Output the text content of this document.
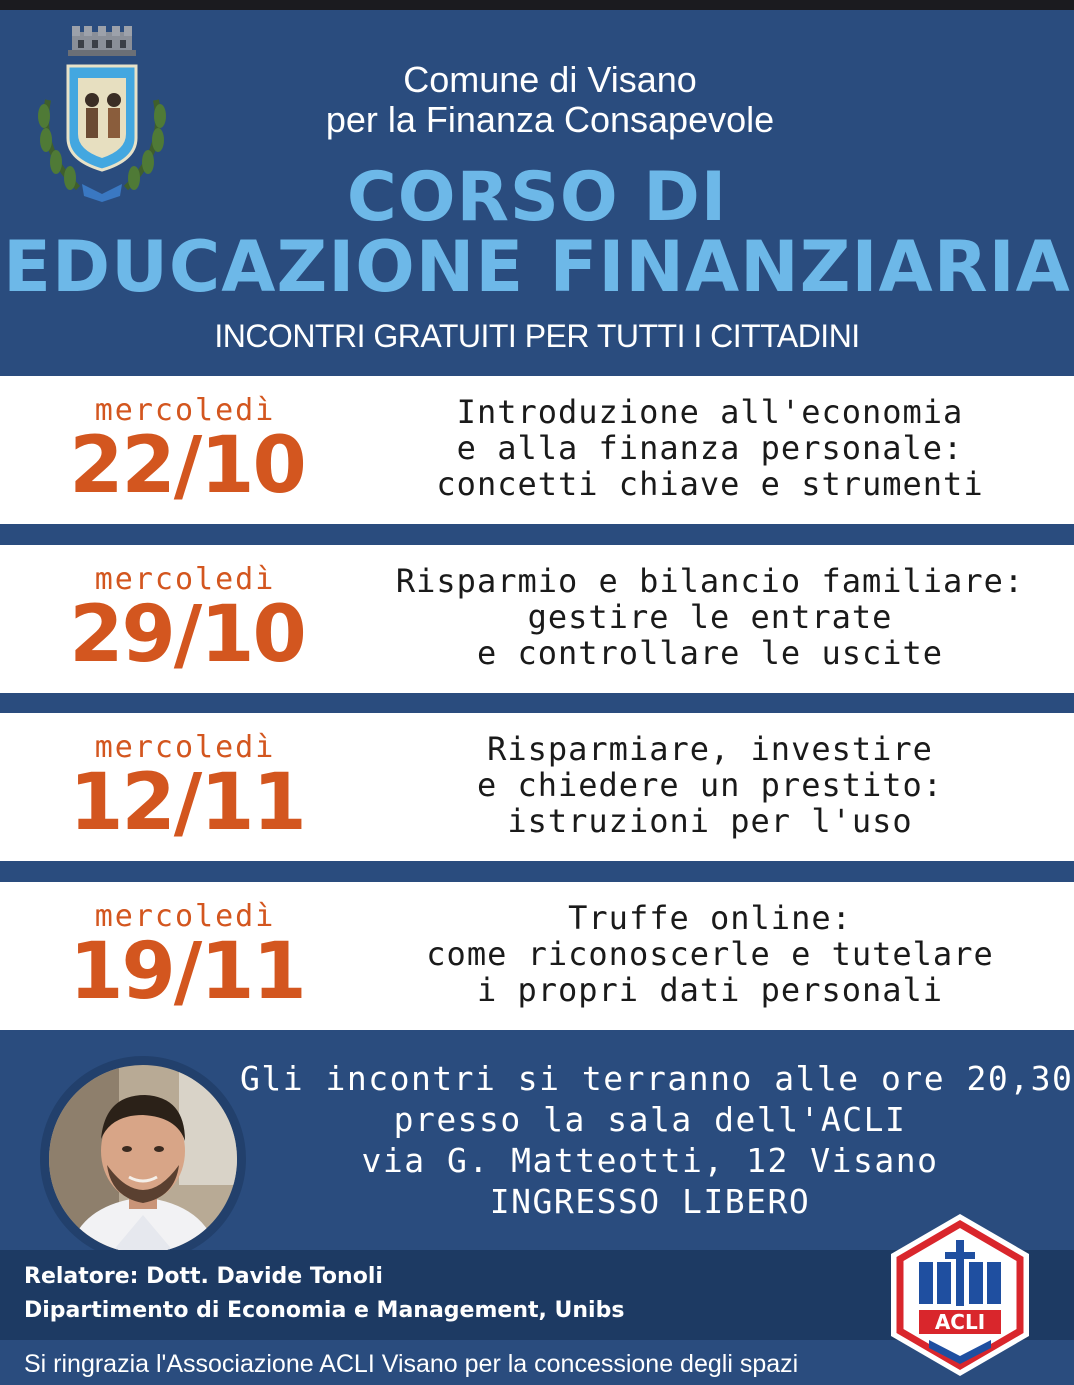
Comune di Visano
per la Finanza Consapevole
CORSO DI
EDUCAZIONE FINANZIARIA
INCONTRI GRATUITI PER TUTTI I CITTADINI
mercoledì
22/10
Introduzione all'economia
e alla finanza personale:
concetti chiave e strumenti
mercoledì
29/10
Risparmio e bilancio familiare:
gestire le entrate
e controllare le uscite
mercoledì
12/11
Risparmiare, investire
e chiedere un prestito:
istruzioni per l'uso
mercoledì
19/11
Truffe online:
come riconoscerle e tutelare
i propri dati personali
Gli incontri si terranno alle ore 20,30
presso la sala dell'ACLI
via G. Matteotti, 12 Visano
INGRESSO LIBERO
Relatore: Dott. Davide Tonoli
Dipartimento di Economia e Management, Unibs	ACLI
Si ringrazia l'Associazione ACLI Visano per la concessione degli spazi
